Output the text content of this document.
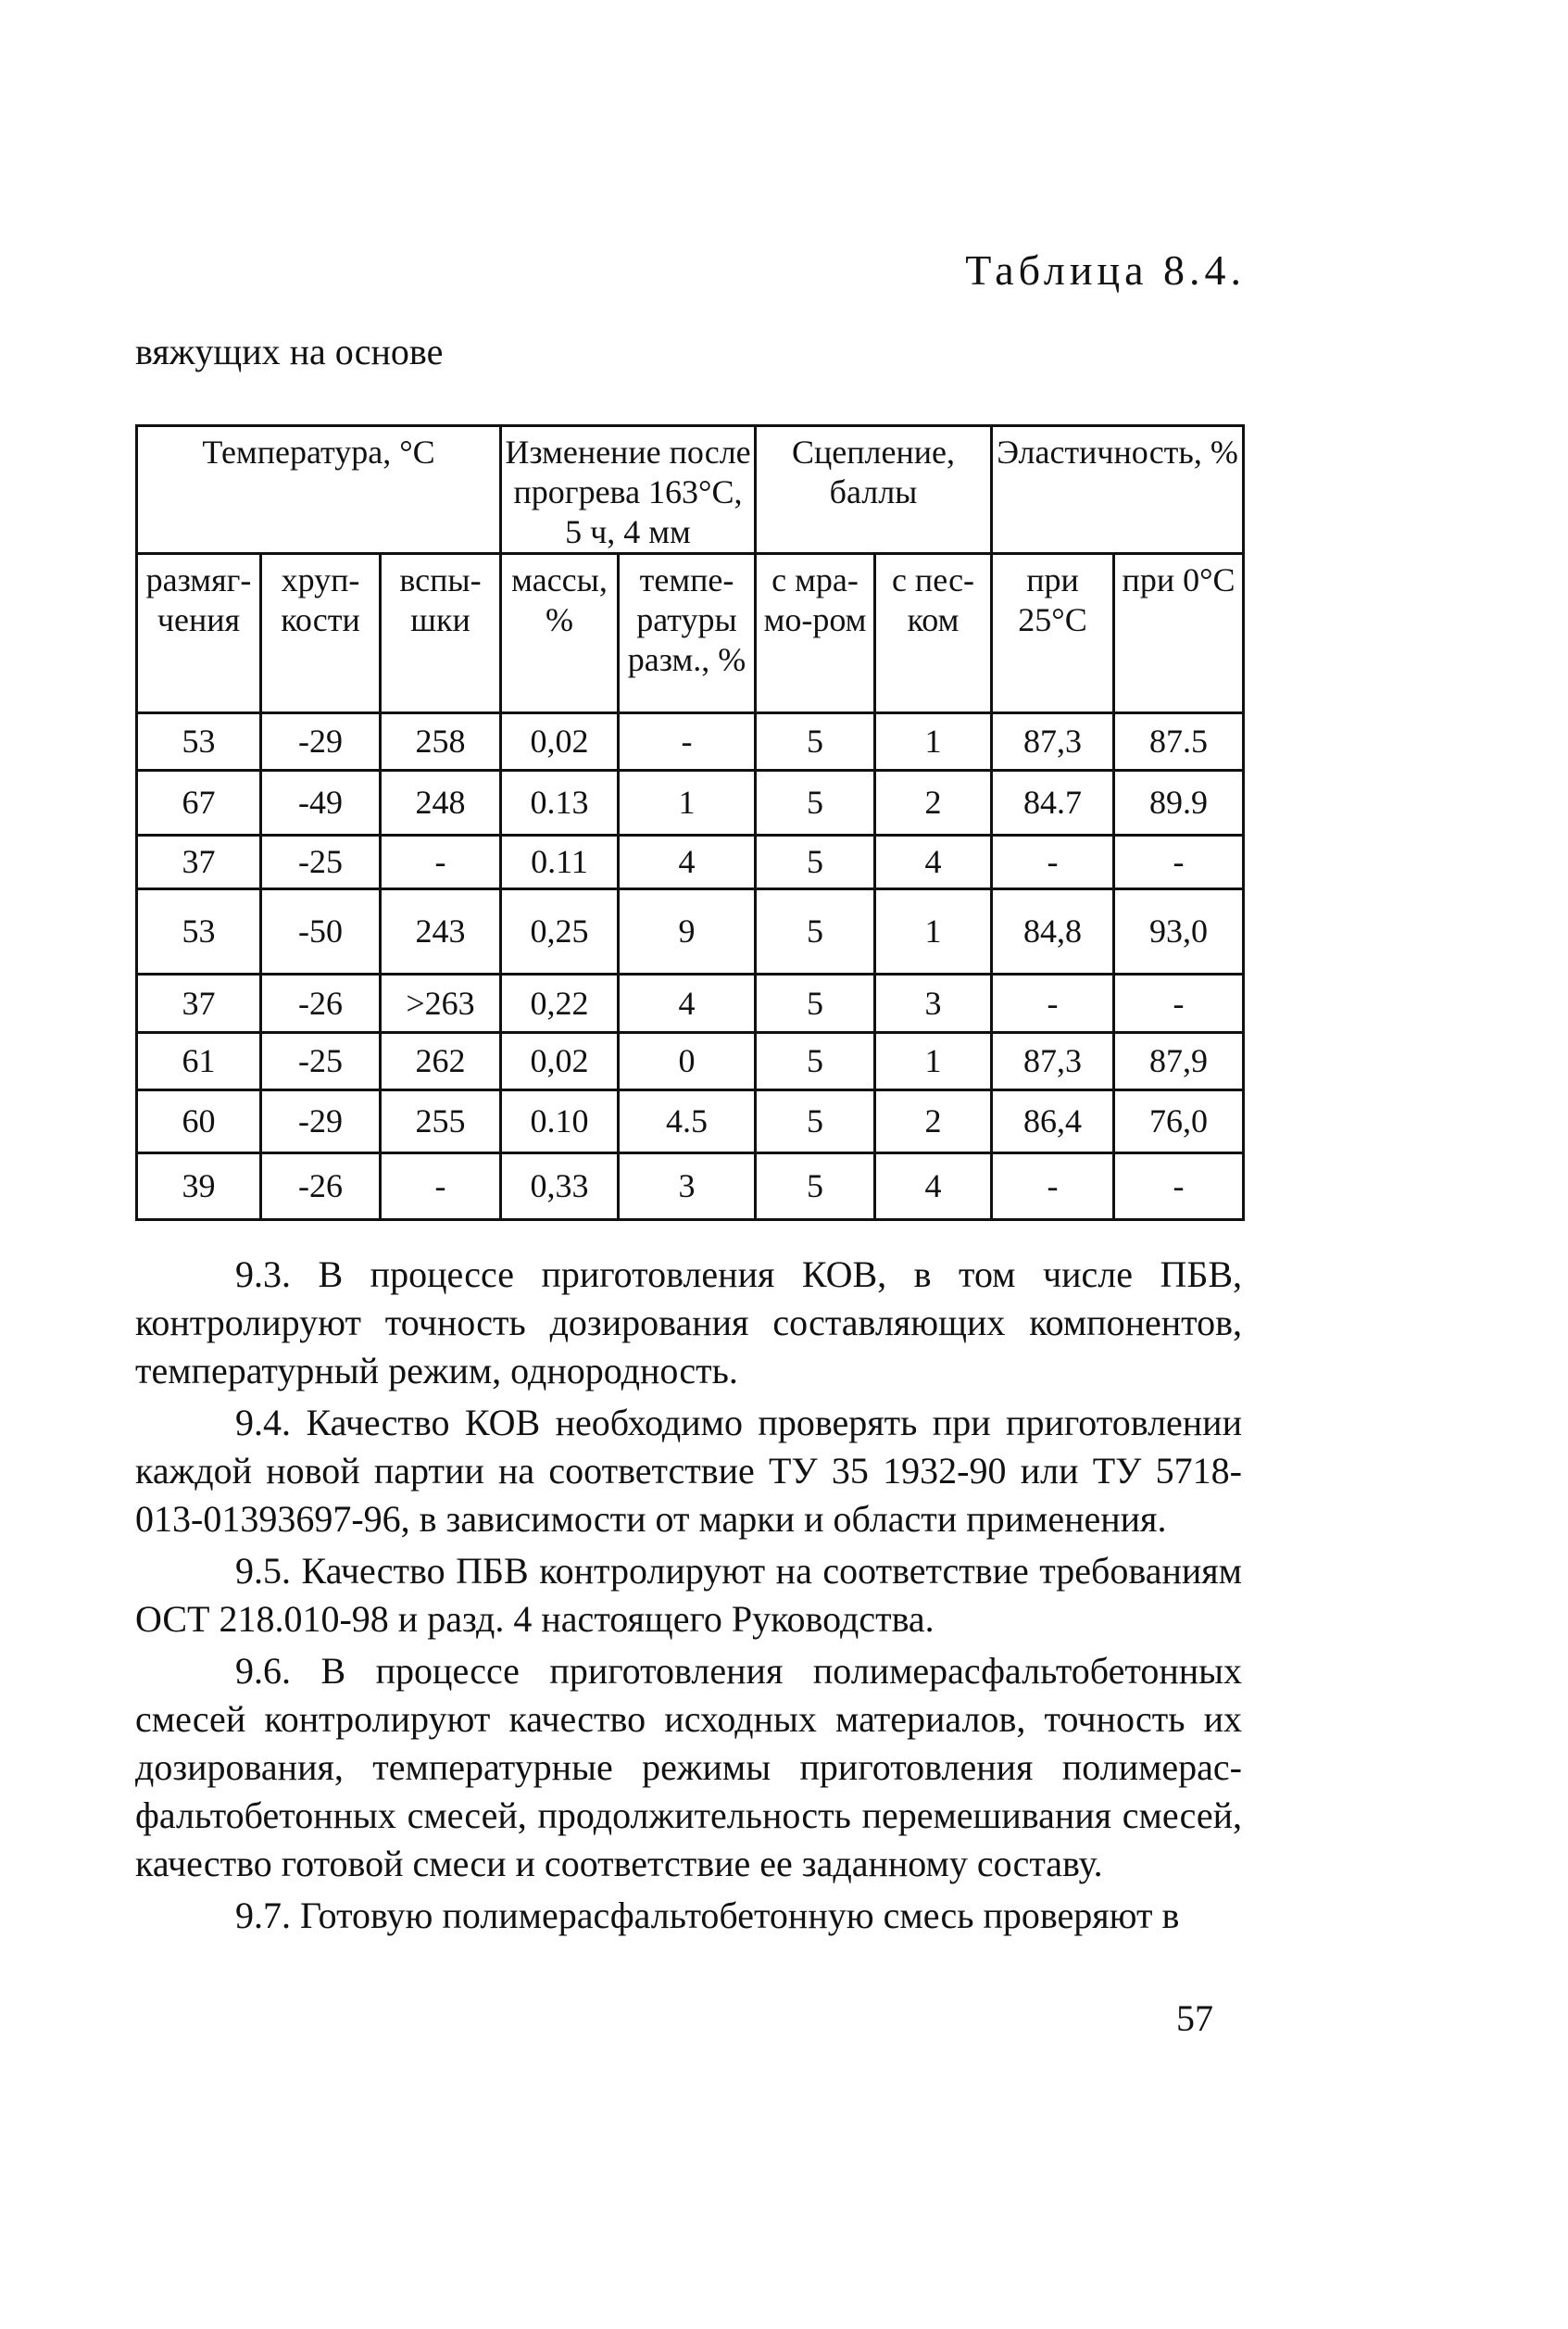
Таблица 8.4.
вяжущих на основе
Температура, °С			Изменение после прогрева 163°С, 5 ч, 4 мм		Сцепление, баллы		Эластичность, %	
размяг-чения	хруп-кости	вспы-шки	массы, %	темпе-ратуры разм., %	с мра-мо-ром	с пес-ком	при 25°С	при 0°С
53	-29	258	0,02	-	5	1	87,3	87.5
67	-49	248	0.13	1	5	2	84.7	89.9
37	-25	-	0.11	4	5	4	-	-
53	-50	243	0,25	9	5	1	84,8	93,0
37	-26	>263	0,22	4	5	3	-	-
61	-25	262	0,02	0	5	1	87,3	87,9
60	-29	255	0.10	4.5	5	2	86,4	76,0
39	-26	-	0,33	3	5	4	-	-

9.3. В процессе приготовления КОВ, в том числе ПБВ, контролируют точность дозирования составляющих компонентов, температурный режим, однородность.

9.4. Качество КОВ необходимо проверять при приготовлении каждой новой партии на соответствие ТУ 35 1932-90 или ТУ 5718-013-01393697-96, в зависимости от марки и области применения.

9.5. Качество ПБВ контролируют на соответствие требованиям ОСТ 218.010-98 и разд. 4 настоящего Руководства.

9.6. В процессе приготовления полимерасфальтобетонных смесей контролируют качество исходных материалов, точность их дозирования, температурные режимы приготовления полимерас-фальтобетонных смесей, продолжительность перемешивания смесей, качество готовой смеси и соответствие ее заданному составу.

9.7. Готовую полимерасфальтобетонную смесь проверяют в

57
